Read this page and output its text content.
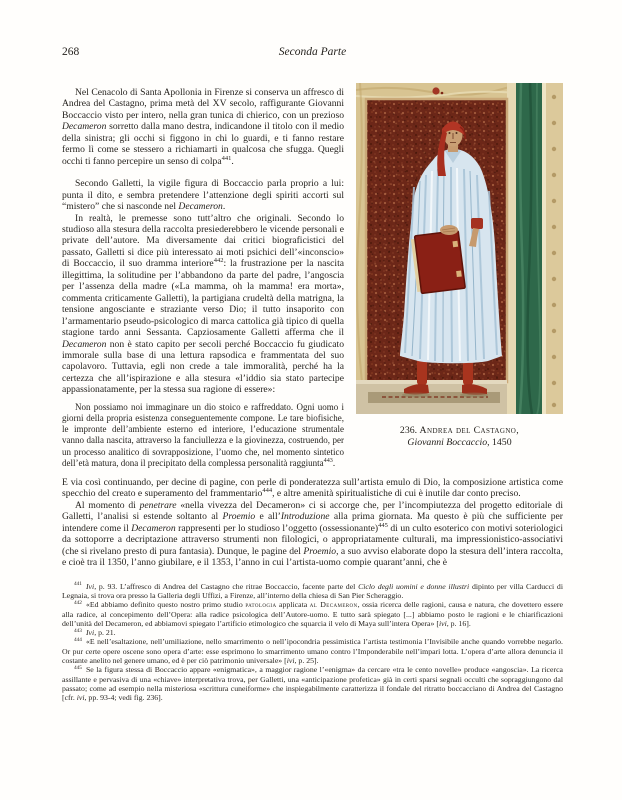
268	Seconda Parte
236. Andrea del Castagno,
Giovanni Boccaccio, 1450

Nel Cenacolo di Santa Apollonia in Firenze si conserva un affresco di Andrea del Castagno, prima metà del XV secolo, raffigurante Giovanni Boccaccio visto per intero, nella gran tunica di chierico, con un prezioso Decameron sorretto dalla mano destra, indicandone il titolo con il medio della sinistra; gli occhi si figgono in chi lo guardi, e ti fanno restare fermo lì come se stessero a richiamarti in qualcosa che sfugga. Quegli occhi ti fanno percepire un senso di colpa$^{441}$.

Secondo Galletti, la vigile figura di Boccaccio parla proprio a lui: punta il dito, e sembra pretendere l’attenzione degli spiriti accorti sul “mistero” che si nasconde nel Decameron.

In realtà, le premesse sono tutt’altro che originali. Secondo lo studioso alla stesura della raccolta presiederebbero le vicende personali e private dell’autore. Ma diversamente dai critici biograficistici del passato, Galletti si dice più interessato ai moti psichici dell’«inconscio» di Boccaccio, il suo dramma interiore$^{442}$: la frustrazione per la nascita illegittima, la solitudine per l’abbandono da parte del padre, l’angoscia per l’assenza della madre («La mamma, oh la mamma! era morta», commenta criticamente Galletti), la partigiana crudeltà della matrigna, la tensione angosciante e straziante verso Dio; il tutto insaporito con l’armamentario pseudo-psicologico di marca cattolica già tipico di quella stagione tardo anni Sessanta. Capziosamente Galletti afferma che il Decameron non è stato capito per secoli perché Boccaccio fu giudicato immorale sulla base di una lettura rapsodica e frammentata del suo capolavoro. Tuttavia, egli non crede a tale immoralità, perché ha la certezza che all’ispirazione e alla stesura «l’iddio sia stato partecipe appassionatamente, per la stessa sua ragione di essere»:

Non possiamo noi immaginare un dio stoico e raffreddato. Ogni uomo i giorni della propria esistenza conseguentemente compone. Le tare biofisiche, le impronte dell’ambiente esterno ed interiore, l’educazione strumentale vanno dalla nascita, attraverso la fanciullezza e la giovinezza, costruendo, per un processo analitico di sovrapposizione, l’uomo che, nel momento sintetico dell’età matura, dona il precipitato della complessa personalità raggiunta$^{443}$.

E via così continuando, per decine di pagine, con perle di ponderatezza sull’artista emulo di Dio, la composizione artistica come specchio del creato e superamento del frammentario$^{444}$, e altre amenità spiritualistiche di cui è inutile dar conto preciso.

Al momento di penetrare «nella vivezza del Decameron» ci si accorge che, per l’incompiutezza del progetto editoriale di Galletti, l’analisi si estende soltanto al Proemio e all’Introduzione alla prima giornata. Ma questo è più che sufficiente per intendere come il Decameron rappresenti per lo studioso l’oggetto (ossessionante)$^{445}$ di un culto esoterico con motivi soteriologici da sottoporre a decriptazione attraverso strumenti non filologici, o appropriatamente culturali, ma impressionistico-associativi (che si rivelano presto di pura fantasia). Dunque, le pagine del Proemio, a suo avviso elaborate dopo la stesura dell’intera raccolta, e cioè tra il 1350, l’anno giubilare, e il 1353, l’anno in cui l’artista-uomo compie quarant’anni, che è

$^{441}$ Ivi, p. 93. L’affresco di Andrea del Castagno che ritrae Boccaccio, facente parte del Ciclo degli uomini e donne illustri dipinto per villa Carducci di Legnaia, si trova ora presso la Galleria degli Uffizi, a Firenze, all’interno della chiesa di San Pier Scheraggio.

$^{442}$ «Ed abbiamo definito questo nostro primo studio patologia applicata al Decameron, ossia ricerca delle ragioni, causa e natura, che dovettero essere alla radice, al concepimento dell’Opera: alla radice psicologica dell’Autore-uomo. E tutto sarà spiegato [...] abbiamo posto le ragioni e le chiarificazioni dell’unità del Decameron, ed abbiamovi spiegato l’artificio etimologico che squarcia il velo di Maya sull’intera Opera» [ivi, p. 16].

$^{443}$ Ivi, p. 21.

$^{444}$ «E nell’esaltazione, nell’umiliazione, nello smarrimento o nell’ipocondria pessimistica l’artista testimonia l’Invisibile anche quando vorrebbe negarlo. Or pur certe opere oscene sono opera d’arte: esse esprimono lo smarrimento umano contro l’Imponderabile nell’impari lotta. L’opera d’arte allora denuncia il costante anelito nel genere umano, ed è per ciò patrimonio universale» [ivi, p. 25].

$^{445}$ Se la figura stessa di Boccaccio appare «enigmatica», a maggior ragione l’«enigma» da cercare «tra le cento novelle» produce «angoscia». La ricerca assillante e pervasiva di una «chiave» interpretativa trova, per Galletti, una «anticipazione profetica» già in certi sparsi segnali occulti che sopraggiungono dal passato; come ad esempio nella misteriosa «scrittura cuneiforme» che inspiegabilmente caratterizza il fondale del ritratto boccacciano di Andrea del Castagno [cfr. ivi, pp. 93-4; vedi fig. 236].
